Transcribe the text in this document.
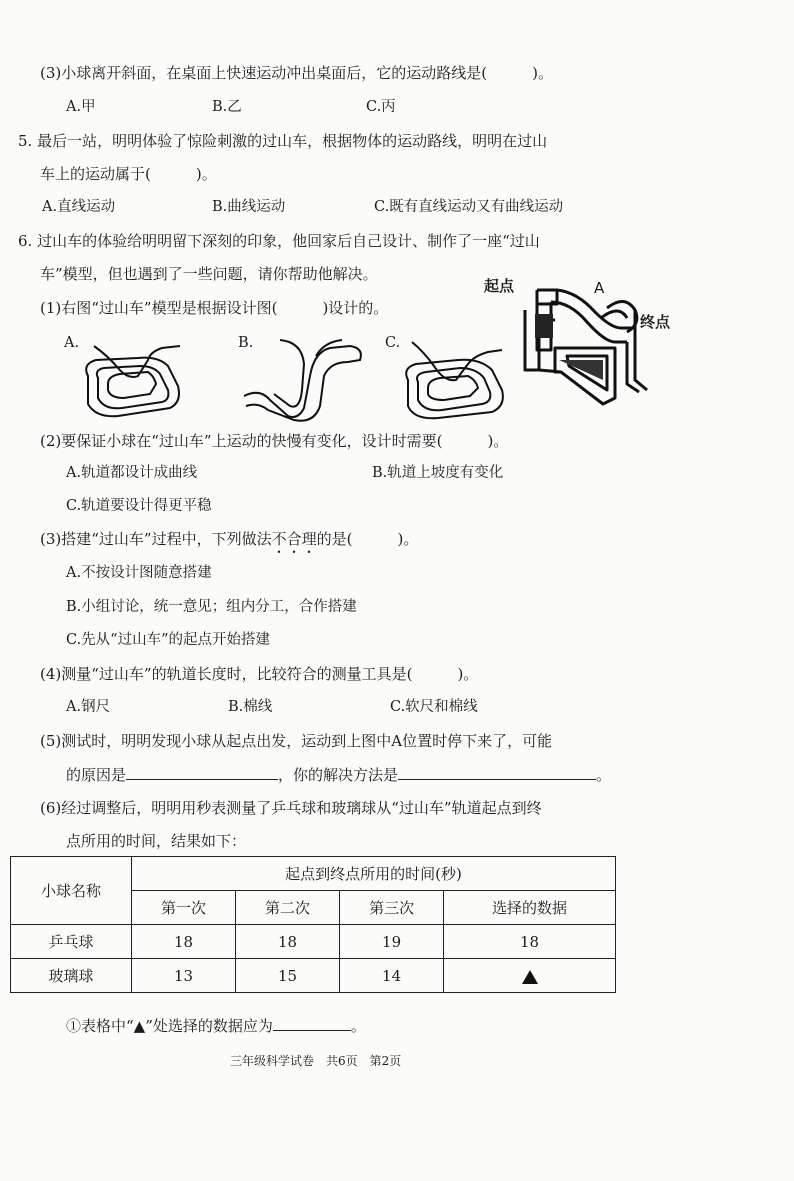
(3)小球离开斜面，在桌面上快速运动冲出桌面后，它的运动路线是(　　　)。
A.甲	B.乙	C.丙
5. 最后一站，明明体验了惊险刺激的过山车，根据物体的运动路线，明明在过山
车上的运动属于(　　　)。
A.直线运动	B.曲线运动	C.既有直线运动又有曲线运动
6. 过山车的体验给明明留下深刻的印象，他回家后自己设计、制作了一座“过山
车”模型，但也遇到了一些问题，请你帮助他解决。
起点	A
终点
(1)右图“过山车”模型是根据设计图(　　　)设计的。
A.	B.	C.
(2)要保证小球在“过山车”上运动的快慢有变化，设计时需要(　　　)。
A.轨道都设计成曲线	B.轨道上坡度有变化
C.轨道要设计得更平稳
(3)搭建“过山车”过程中，下列做法不合理的是(　　　)。
A.不按设计图随意搭建
B.小组讨论，统一意见；组内分工，合作搭建
C.先从“过山车”的起点开始搭建
(4)测量“过山车”的轨道长度时，比较符合的测量工具是(　　　)。
A.钢尺	B.棉线	C.软尺和棉线
(5)测试时，明明发现小球从起点出发，运动到上图中A位置时停下来了，可能
的原因是	，你的解决方法是	。
(6)经过调整后，明明用秒表测量了乒乓球和玻璃球从“过山车”轨道起点到终
点所用的时间，结果如下：
小球名称	起点到终点所用的时间(秒)			
	第一次	第二次	第三次	选择的数据
乒乓球	18	18	19	18
玻璃球	13	15	14	
①表格中“▲”处选择的数据应为	。
三年级科学试卷　共6页　第2页
